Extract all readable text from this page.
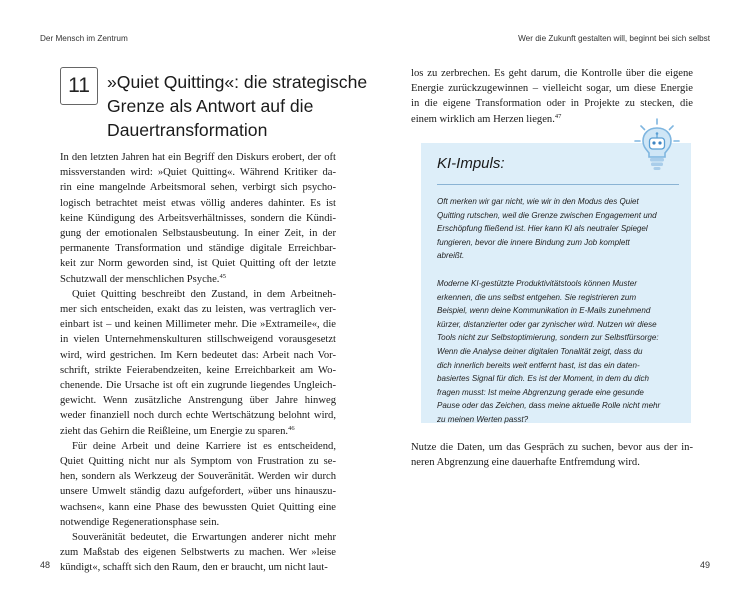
Der Mensch im Zentrum
11 »Quiet Quitting«: die strategische
Grenze als Antwort auf die
Dauertransformation

In den letzten Jahren hat ein Begriff den Diskurs erobert, der oft
missverstanden wird: »Quiet Quitting«. Während Kritiker da-
rin eine mangelnde Arbeitsmoral sehen, verbirgt sich psycho-
logisch betrachtet meist etwas völlig anderes dahinter. Es ist
keine Kündigung des Arbeitsverhältnisses, sondern die Kündi-
gung der emotionalen Selbstausbeutung. In einer Zeit, in der
permanente Transformation und ständige digitale Erreichbar-
keit zur Norm geworden sind, ist Quiet Quitting oft der letzte
Schutzwall der menschlichen Psyche.$^{45}$

Quiet Quitting beschreibt den Zustand, in dem Arbeitneh-
mer sich entscheiden, exakt das zu leisten, was vertraglich ver-
einbart ist – und keinen Millimeter mehr. Die »Extrameile«, die
in vielen Unternehmenskulturen stillschweigend vorausgesetzt
wird, wird gestrichen. Im Kern bedeutet das: Arbeit nach Vor-
schrift, strikte Feierabendzeiten, keine Erreichbarkeit am Wo-
chenende. Die Ursache ist oft ein zugrunde liegendes Ungleich-
gewicht. Wenn zusätzliche Anstrengung über Jahre hinweg
weder finanziell noch durch echte Wertschätzung belohnt wird,
zieht das Gehirn die Reißleine, um Energie zu sparen.$^{46}$

Für deine Arbeit und deine Karriere ist es entscheidend,
Quiet Quitting nicht nur als Symptom von Frustration zu se-
hen, sondern als Werkzeug der Souveränität. Werden wir durch
unsere Umwelt ständig dazu aufgefordert, »über uns hinauszu-
wachsen«, kann eine Phase des bewussten Quiet Quitting eine
notwendige Regenerationsphase sein.

Souveränität bedeutet, die Erwartungen anderer nicht mehr
zum Maßstab des eigenen Selbstwerts zu machen. Wer »leise
kündigt«, schafft sich den Raum, den er braucht, um nicht laut-

48
Wer die Zukunft gestalten will, beginnt bei sich selbst

los zu zerbrechen. Es geht darum, die Kontrolle über die eigene
Energie zurückzugewinnen – vielleicht sogar, um diese Energie
in die eigene Transformation oder in Projekte zu stecken, die
einem wirklich am Herzen liegen.$^{47}$

KI-Impuls:

Oft merken wir gar nicht, wie wir in den Modus des Quiet
Quitting rutschen, weil die Grenze zwischen Engagement und
Erschöpfung fließend ist. Hier kann KI als neutraler Spiegel
fungieren, bevor die innere Bindung zum Job komplett
abreißt.

Moderne KI-gestützte Produktivitätstools können Muster
erkennen, die uns selbst entgehen. Sie registrieren zum
Beispiel, wenn deine Kommunikation in E-Mails zunehmend
kürzer, distanzierter oder gar zynischer wird. Nutzen wir diese
Tools nicht zur Selbstoptimierung, sondern zur Selbstfürsorge:
Wenn die Analyse deiner digitalen Tonalität zeigt, dass du
dich innerlich bereits weit entfernt hast, ist das ein daten-
basiertes Signal für dich. Es ist der Moment, in dem du dich
fragen musst: Ist meine Abgrenzung gerade eine gesunde
Pause oder das Zeichen, dass meine aktuelle Rolle nicht mehr
zu meinen Werten passt?

Nutze die Daten, um das Gespräch zu suchen, bevor aus der in-
neren Abgrenzung eine dauerhafte Entfremdung wird.

49
